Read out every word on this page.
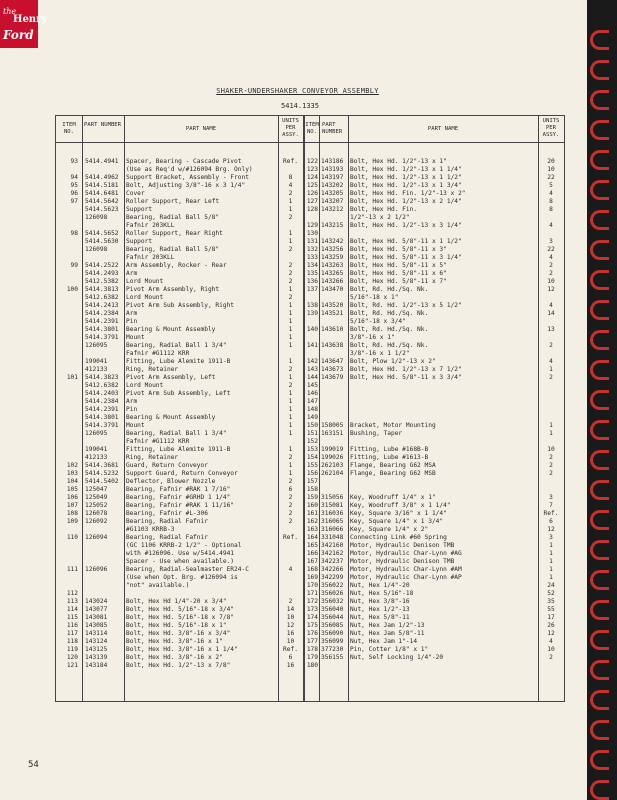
the
Henry
Ford
SHAKER-UNDERSHAKER CONVEYOR ASSEMBLY
5414.1335
ITEM NO.
PART NUMBER
PART NAME
UNITS PER ASSY.
ITEM NO.
PART NUMBER	PART NAME
UNITS PER ASSY.
93 5414.4941 Spacer, Bearing - Cascade Pivot	Ref.
(Use as Req'd w/#126094 Brg. Only)
94 5414.4962 Support Bracket, Assembly - Front	8
95 5414.5181 Bolt, Adjusting 3/8"-16 x 3 1/4"	4
96 5414.6481 Cover	2
97 5414.5642 Roller Support, Rear Left	1
5414.5623 Support	1
126098	Bearing, Radial Ball 5/8"	2
Fafnir 203KLL
98 5414.5652 Roller Support, Rear Right	1
5414.5630 Support	1
126098	Bearing, Radial Ball 5/8"	2
Fafnir 203KLL
99 5414.2522 Arm Assembly, Rocker - Rear	2
5414.2493 Arm	2
5412.5382 Lord Mount	2
100 5414.3813 Pivot Arm Assembly, Right	1
5412.6382 Lord Mount	2
5414.2413 Pivot Arm Sub Assembly, Right	1
5414.2384 Arm	1
5414.2391 Pin	1
5414.3801 Bearing & Mount Assembly	1
5414.3791 Mount	1
126095	Bearing, Radial Ball 1 3/4"	1
Fafnir #G1112 KRR
199041	Fitting, Lube Alemite 1911-B	1
412133	Ring, Retainer	2
101 5414.3823 Pivot Arm Assembly, Left	1
5412.6382 Lord Mount	2
5414.2403 Pivot Arm Sub Assembly, Left	1
5414.2384 Arm	1
5414.2391 Pin	1
5414.3801 Bearing & Mount Assembly	1
5414.3791 Mount	1
126095	Bearing, Radial Ball 1 3/4"	1
Fafnir #G1112 KRR
199041	Fitting, Lube Alemite 1911-B	1
412133	Ring, Retainer	2
102 5414.3681 Guard, Return Conveyor	1
103 5414.5232 Support Guard, Return Conveyor	1
104 5414.5402 Deflector, Blower Nozzle	2
105 125047	Bearing, Fafnir #RAK 1 7/16"	6
106 125049	Bearing, Fafnir #GRHD 1 1/4"	2
107 125052	Bearing, Fafnir #RAK 1 11/16"	2
108 126078	Bearing, Fafnir #L-306	2
109 126092	Bearing, Radial Fafnir	2
#G1103 KRRB-3
110 126094	Bearing, Radial Fafnir	Ref.
(GC 1106 KRRB-2 1/2" - Optional
with #126096. Use w/5414.4941
Spacer - Use when available.)
111 126096	Bearing, Radial-Sealmaster ER24-C	4
(Use when Opt. Brg. #126094 is
"not" available.)
112
113 143024	Bolt, Hex Hd 1/4"-20 x 3/4"	2
114 143077	Bolt, Hex Hd. 5/16"-18 x 3/4"	14
115 143081	Bolt, Hex Hd. 5/16"-18 x 7/8"	10
116 143085	Bolt, Hex Hd. 5/16"-18 x 1"	12
117 143114	Bolt, Hex Hd. 3/8"-16 x 3/4"	16
118 143124	Bolt, Hex Hd. 3/8"-16 x 1"	10
119 143125	Bolt, Hex Hd. 3/8"-16 x 1 1/4"	Ref.
120 143139	Bolt, Hex Hd. 3/8"-16 x 2"	6
121 143184	Bolt, Hex Hd. 1/2"-13 x 7/8"	16
122 143186 Bolt, Hex Hd. 1/2"-13 x 1"	20
123 143193 Bolt, Hex Hd. 1/2"-13 x 1 1/4"	10
124 143197 Bolt, Hex Hd. 1/2"-13 x 1 1/2"	22
125 143202 Bolt, Hex Hd. 1/2"-13 x 1 3/4"	5
126 143205 Bolt, Hex Hd. Fin. 1/2"-13 x 2"	4
127 143207 Bolt, Hex Hd. 1/2"-13 x 2 1/4"	8
128 143212 Bolt, Hex Hd. Fin.	8
1/2"-13 x 2 1/2"
129 143215 Bolt, Hex Hd. 1/2"-13 x 3 1/4"	4
130
131 143242 Bolt, Hex Hd. 5/8"-11 x 1 1/2"	3
132 143256 Bolt, Hex Hd. 5/8"-11 x 3"	22
133 143259 Bolt, Hex Hd. 5/8"-11 x 3 1/4"	4
134 143263 Bolt, Hex Hd. 5/8"-11 x 5"	2
135 143265 Bolt, Hex Hd. 5/8"-11 x 6"	2
136 143266 Bolt, Hex Hd. 5/8"-11 x 7"	10
137 143470 Bolt, Rd. Hd./Sq. Nk.	12
5/16"-18 x 1"
138 143520 Bolt, Rd. Hd. 1/2"-13 x 5 1/2"	4
139 143521 Bolt, Rd. Hd./Sq. Nk.	14
5/16"-18 x 3/4"
140 143610 Bolt, Rd. Hd./Sq. Nk.	13
3/8"-16 x 1"
141 143638 Bolt, Rd. Hd./Sq. Nk.	2
3/8"-16 x 1 1/2"
142 143647 Bolt, Plow 1/2"-13 x 2"	4
143 143673 Bolt, Hex Hd. 1/2"-13 x 7 1/2"	1
144 143679 Bolt, Hex Hd. 5/8"-11 x 3 3/4"	2
145
146
147
148
149
150 158005 Bracket, Motor Mounting	1
151 163151 Bushing, Taper	1
152
153 199019 Fitting, Lube #168B-B	10
154 199026 Fitting, Lube #1613-B	2
155 262103 Flange, Bearing G62 MSA	2
156 262104 Flange, Bearing G62 MSB	2
157
158
159 315056 Key, Woodruff 1/4" x 1"	3
160 315081 Key, Woodruff 3/8" x 1 1/4"	7
161 316036 Key, Square 3/16" x 1 1/4"	Ref.
162 316065 Key, Square 1/4" x 1 3/4"	6
163 316066 Key, Square 1/4" x 2"	12
164 331048 Connecting Link #60 Spring	3
165 342160 Motor, Hydraulic Denison TMB	1
166 342162 Motor, Hydraulic Char-Lynn #AG	1
167 342237 Motor, Hydraulic Denison TMB	1
168 342266 Motor, Hydraulic Char-Lynn #AM	1
169 342299 Motor, Hydraulic Char-Lynn #AP	1
170 356022 Nut, Hex 1/4"-20	24
171 356026 Nut, Hex 5/16"-18	52
172 356032 Nut, Hex 3/8"-16	35
173 356040 Nut, Hex 1/2"-13	55
174 356044 Nut, Hex 5/8"-11	17
175 356085 Nut, Hex Jam 1/2"-13	26
176 356090 Nut, Hex Jam 5/8"-11	12
177 356099 Nut, Hex Jam 1"-14	4
178 377230 Pin, Cotter 1/8" x 1"	10
179 356155 Nut, Self Locking 1/4"-20	2
180
54
